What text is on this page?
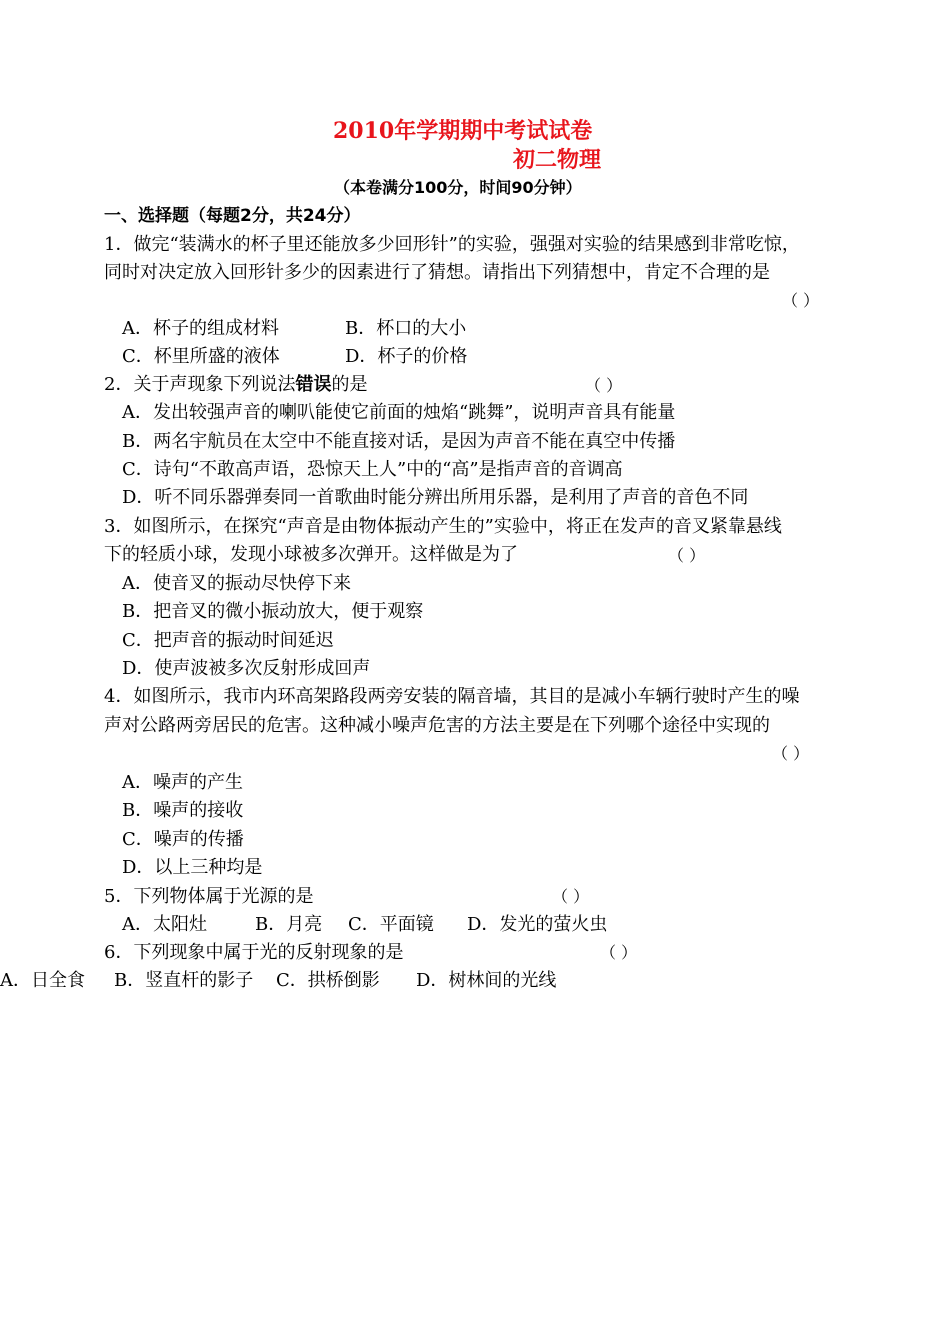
2010年学期期中考试试卷
初二物理
（本卷满分100分，时间90分钟）
一、选择题（每题2分，共24分）
1．做完“装满水的杯子里还能放多少回形针”的实验，强强对实验的结果感到非常吃惊，
同时对决定放入回形针多少的因素进行了猜想。请指出下列猜想中，肯定不合理的是
（ ）
A．杯子的组成材料	B．杯口的大小
C．杯里所盛的液体	D．杯子的价格
2．关于声现象下列说法错误的是	（ ）
A．发出较强声音的喇叭能使它前面的烛焰“跳舞”，说明声音具有能量
B．两名宇航员在太空中不能直接对话，是因为声音不能在真空中传播
C．诗句“不敢高声语，恐惊天上人”中的“高”是指声音的音调高
D．听不同乐器弹奏同一首歌曲时能分辨出所用乐器，是利用了声音的音色不同
3．如图所示，在探究“声音是由物体振动产生的”实验中，将正在发声的音叉紧靠悬线
下的轻质小球，发现小球被多次弹开。这样做是为了	（ ）
A．使音叉的振动尽快停下来
B．把音叉的微小振动放大，便于观察
C．把声音的振动时间延迟
D．使声波被多次反射形成回声
4．如图所示，我市内环高架路段两旁安装的隔音墙，其目的是减小车辆行驶时产生的噪
声对公路两旁居民的危害。这种减小噪声危害的方法主要是在下列哪个途径中实现的
（ ）
A．噪声的产生
B．噪声的接收
C．噪声的传播
D．以上三种均是
5．下列物体属于光源的是	（ ）
A．太阳灶	B．月亮 C．平面镜 D．发光的萤火虫
6．下列现象中属于光的反射现象的是	（ ）
A．日全食 B．竖直杆的影子 C．拱桥倒影 D．树林间的光线
